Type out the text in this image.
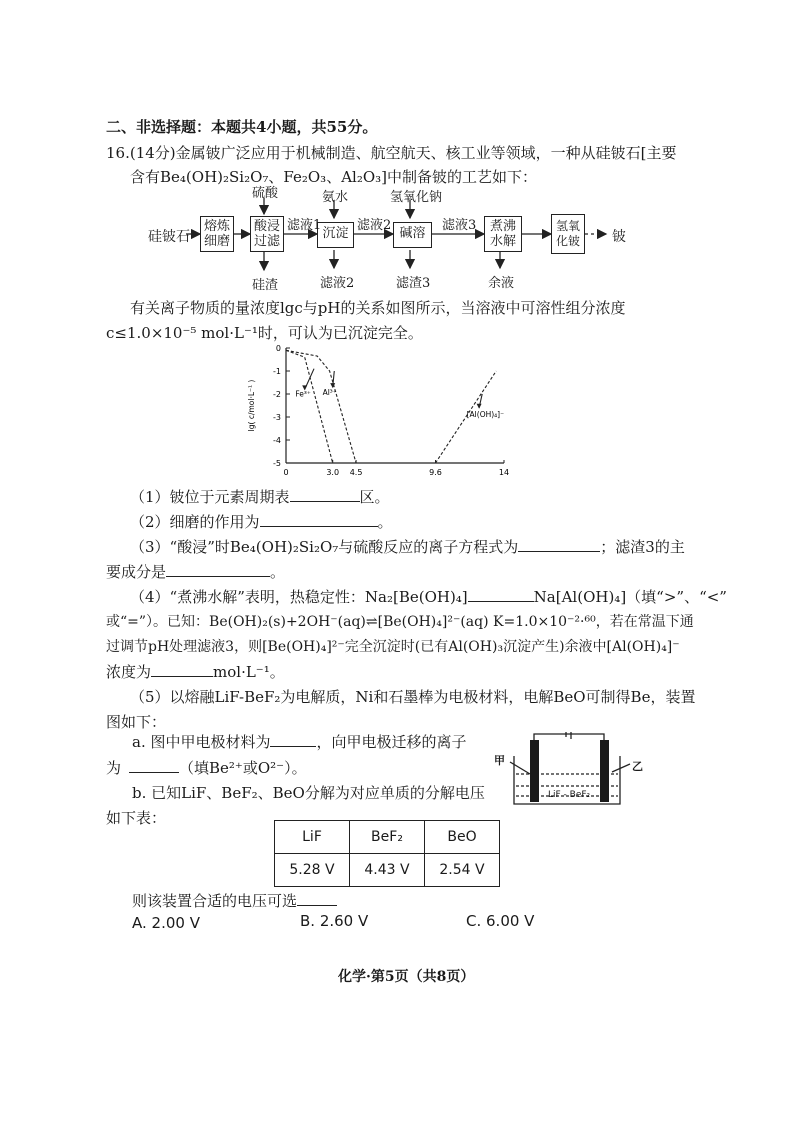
二、非选择题：本题共4小题，共55分。
16.(14分)金属铍广泛应用于机械制造、航空航天、核工业等领域，一种从硅铍石[主要
含有Be₄(OH)₂Si₂O₇、Fe₂O₃、Al₂O₃]中制备铍的工艺如下：
硅铍石
熔炼细磨
酸浸过滤
沉淀	碱溶	煮沸水解
氢氧化铍	铍
硫酸	氨水	氢氧化钠
滤液1	滤液2	滤液3
硅渣	滤液2	滤渣3	余液
有关离子物质的量浓度lgc与pH的关系如图所示，当溶液中可溶性组分浓度
c≤1.0×10⁻⁵ mol·L⁻¹时，可认为已沉淀完全。
0
-1
-2
-3
-4
-5
0	3.0 4.5	9.6	14
lg( c/mol·L⁻¹ )	Fe³⁺ Al³⁺
[Al(OH)₄]⁻
（1）铍位于元素周期表	区。
（2）细磨的作用为	。
（3）“酸浸”时Be₄(OH)₂Si₂O₇与硫酸反应的离子方程式为	；滤渣3的主
要成分是	。
（4）“煮沸水解”表明，热稳定性：Na₂[Be(OH)₄]	Na[Al(OH)₄]（填“>”、“<”
或“=”）。已知：Be(OH)₂(s)+2OH⁻(aq)⇌[Be(OH)₄]²⁻(aq) K=1.0×10⁻²·⁶⁰，若在常温下通
过调节pH处理滤液3，则[Be(OH)₄]²⁻完全沉淀时(已有Al(OH)₃沉淀产生)余液中[Al(OH)₄]⁻
浓度为	mol·L⁻¹。
（5）以熔融LiF-BeF₂为电解质，Ni和石墨棒为电极材料，电解BeO可制得Be，装置
图如下：
a. 图中甲电极材料为	，向甲电极迁移的离子
为	（填Be²⁺或O²⁻）。
b. 已知LiF、BeF₂、BeO分解为对应单质的分解电压
如下表：
甲	乙
LiF - BeF₂
LiF	BeF₂	BeO
5.28 V	4.43 V	2.54 V
则该装置合适的电压可选
A. 2.00 V	B. 2.60 V	C. 6.00 V
化学·第5页（共8页）
